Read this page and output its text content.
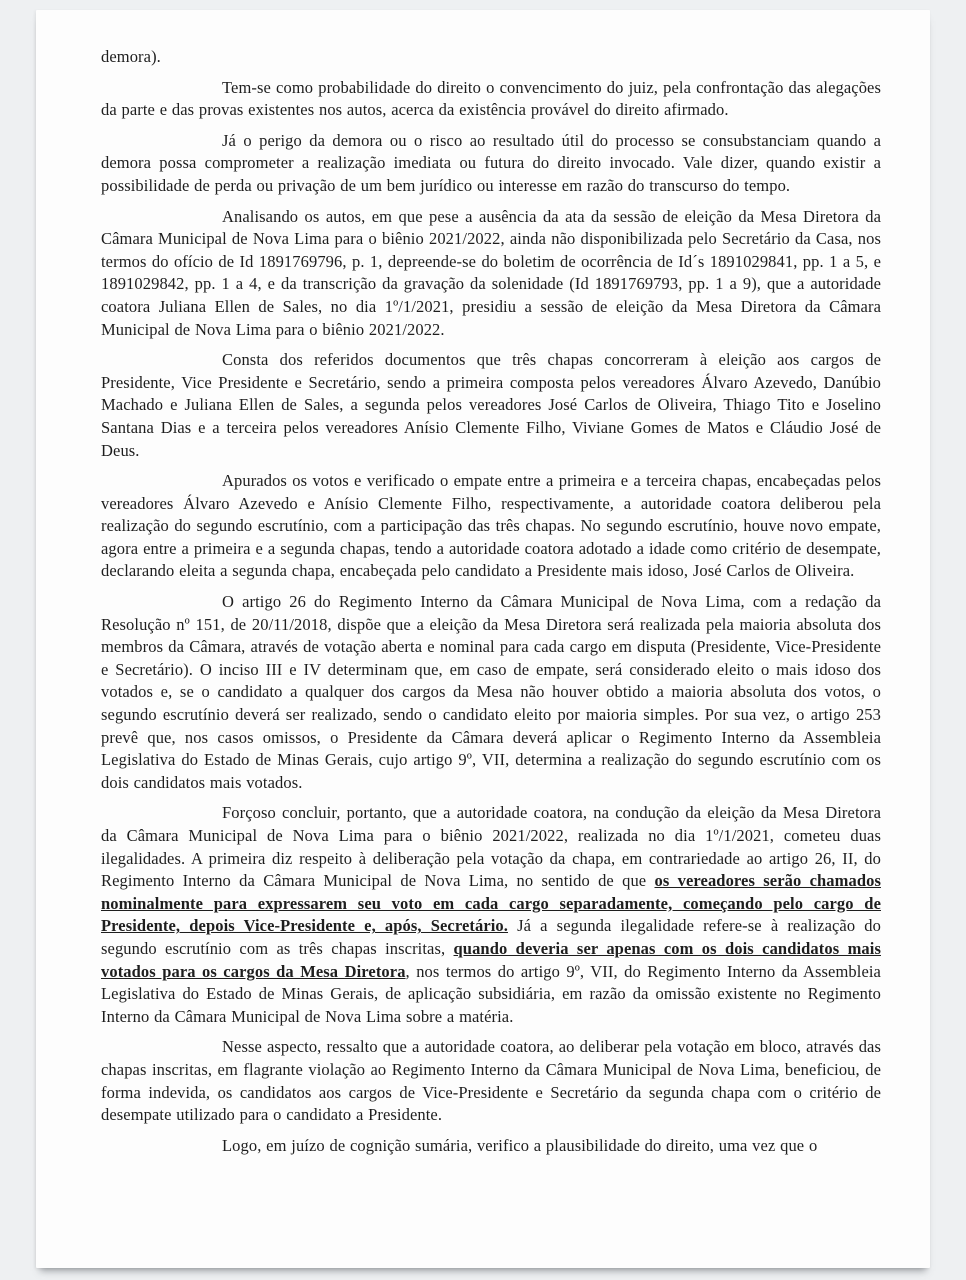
demora).

Tem-se como probabilidade do direito o convencimento do juiz, pela confrontação das alegações da parte e das provas existentes nos autos, acerca da existência provável do direito afirmado.

Já o perigo da demora ou o risco ao resultado útil do processo se consubstanciam quando a demora possa comprometer a realização imediata ou futura do direito invocado. Vale dizer, quando existir a possibilidade de perda ou privação de um bem jurídico ou interesse em razão do transcurso do tempo.

Analisando os autos, em que pese a ausência da ata da sessão de eleição da Mesa Diretora da Câmara Municipal de Nova Lima para o biênio 2021/2022, ainda não disponibilizada pelo Secretário da Casa, nos termos do ofício de Id 1891769796, p. 1, depreende-se do boletim de ocorrência de Id´s 1891029841, pp. 1 a 5, e 1891029842, pp. 1 a 4, e da transcrição da gravação da solenidade (Id 1891769793, pp. 1 a 9), que a autoridade coatora Juliana Ellen de Sales, no dia 1º/1/2021, presidiu a sessão de eleição da Mesa Diretora da Câmara Municipal de Nova Lima para o biênio 2021/2022.

Consta dos referidos documentos que três chapas concorreram à eleição aos cargos de Presidente, Vice Presidente e Secretário, sendo a primeira composta pelos vereadores Álvaro Azevedo, Danúbio Machado e Juliana Ellen de Sales, a segunda pelos vereadores José Carlos de Oliveira, Thiago Tito e Joselino Santana Dias e a terceira pelos vereadores Anísio Clemente Filho, Viviane Gomes de Matos e Cláudio José de Deus.

Apurados os votos e verificado o empate entre a primeira e a terceira chapas, encabeçadas pelos vereadores Álvaro Azevedo e Anísio Clemente Filho, respectivamente, a autoridade coatora deliberou pela realização do segundo escrutínio, com a participação das três chapas. No segundo escrutínio, houve novo empate, agora entre a primeira e a segunda chapas, tendo a autoridade coatora adotado a idade como critério de desempate, declarando eleita a segunda chapa, encabeçada pelo candidato a Presidente mais idoso, José Carlos de Oliveira.

O artigo 26 do Regimento Interno da Câmara Municipal de Nova Lima, com a redação da Resolução nº 151, de 20/11/2018, dispõe que a eleição da Mesa Diretora será realizada pela maioria absoluta dos membros da Câmara, através de votação aberta e nominal para cada cargo em disputa (Presidente, Vice-Presidente e Secretário). O inciso III e IV determinam que, em caso de empate, será considerado eleito o mais idoso dos votados e, se o candidato a qualquer dos cargos da Mesa não houver obtido a maioria absoluta dos votos, o segundo escrutínio deverá ser realizado, sendo o candidato eleito por maioria simples. Por sua vez, o artigo 253 prevê que, nos casos omissos, o Presidente da Câmara deverá aplicar o Regimento Interno da Assembleia Legislativa do Estado de Minas Gerais, cujo artigo 9º, VII, determina a realização do segundo escrutínio com os dois candidatos mais votados.

Forçoso concluir, portanto, que a autoridade coatora, na condução da eleição da Mesa Diretora da Câmara Municipal de Nova Lima para o biênio 2021/2022, realizada no dia 1º/1/2021, cometeu duas ilegalidades. A primeira diz respeito à deliberação pela votação da chapa, em contrariedade ao artigo 26, II, do Regimento Interno da Câmara Municipal de Nova Lima, no sentido de que os vereadores serão chamados nominalmente para expressarem seu voto em cada cargo separadamente, começando pelo cargo de Presidente, depois Vice-Presidente e, após, Secretário. Já a segunda ilegalidade refere-se à realização do segundo escrutínio com as três chapas inscritas, quando deveria ser apenas com os dois candidatos mais votados para os cargos da Mesa Diretora, nos termos do artigo 9º, VII, do Regimento Interno da Assembleia Legislativa do Estado de Minas Gerais, de aplicação subsidiária, em razão da omissão existente no Regimento Interno da Câmara Municipal de Nova Lima sobre a matéria.

Nesse aspecto, ressalto que a autoridade coatora, ao deliberar pela votação em bloco, através das chapas inscritas, em flagrante violação ao Regimento Interno da Câmara Municipal de Nova Lima, beneficiou, de forma indevida, os candidatos aos cargos de Vice-Presidente e Secretário da segunda chapa com o critério de desempate utilizado para o candidato a Presidente.

Logo, em juízo de cognição sumária, verifico a plausibilidade do direito, uma vez que o
